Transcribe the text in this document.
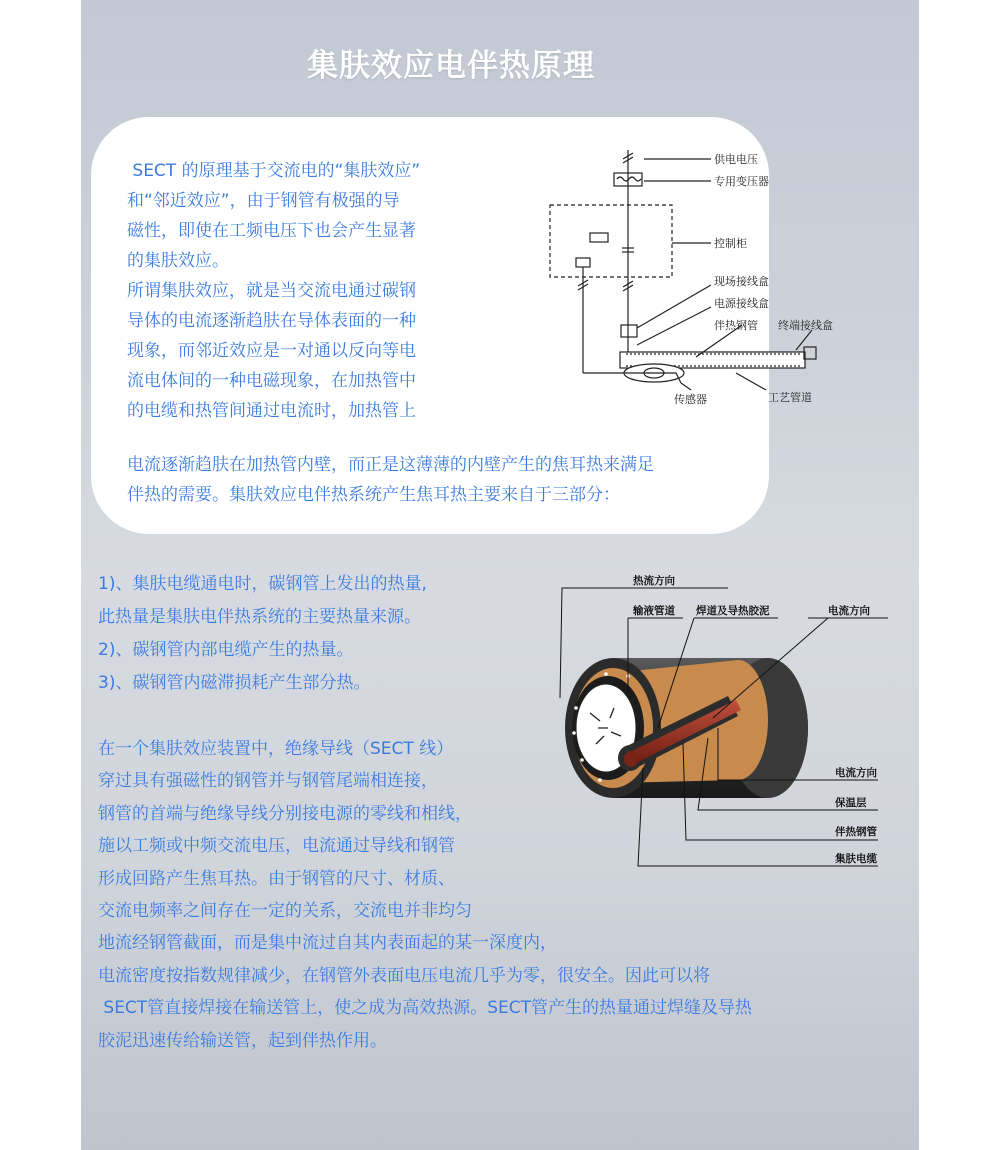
集肤效应电伴热原理

SECT 的原理基于交流电的“集肤效应”

和“邻近效应”，由于钢管有极强的导

磁性，即使在工频电压下也会产生显著

的集肤效应。

所谓集肤效应，就是当交流电通过碳钢

导体的电流逐渐趋肤在导体表面的一种

现象，而邻近效应是一对通以反向等电

流电体间的一种电磁现象，在加热管中

的电缆和热管间通过电流时，加热管上

电流逐渐趋肤在加热管内壁，而正是这薄薄的内壁产生的焦耳热来满足
伴热的需要。集肤效应电伴热系统产生焦耳热主要来自于三部分：
供电电压
专用变压器
控制柜
现场接线盒
电源接线盒
伴热钢管 终端接线盒
传感器	工艺管道
1)、集肤电缆通电时，碳钢管上发出的热量,
此热量是集肤电伴热系统的主要热量来源。
2)、碳钢管内部电缆产生的热量。
3)、碳钢管内磁滞损耗产生部分热。
在一个集肤效应装置中，绝缘导线（SECT 线）
穿过具有强磁性的钢管并与钢管尾端相连接，
钢管的首端与绝缘导线分别接电源的零线和相线，
施以工频或中频交流电压，电流通过导线和钢管
形成回路产生焦耳热。由于钢管的尺寸、材质、
交流电频率之间存在一定的关系，交流电并非均匀
地流经钢管截面，而是集中流过自其内表面起的某一深度内，
电流密度按指数规律减少，在钢管外表面电压电流几乎为零，很安全。因此可以将
SECT管直接焊接在输送管上，使之成为高效热源。SECT管产生的热量通过焊缝及导热
胶泥迅速传给输送管，起到伴热作用。
热流方向
输液管道 焊道及导热胶泥	电流方向
电流方向
保温层
伴热钢管
集肤电缆
